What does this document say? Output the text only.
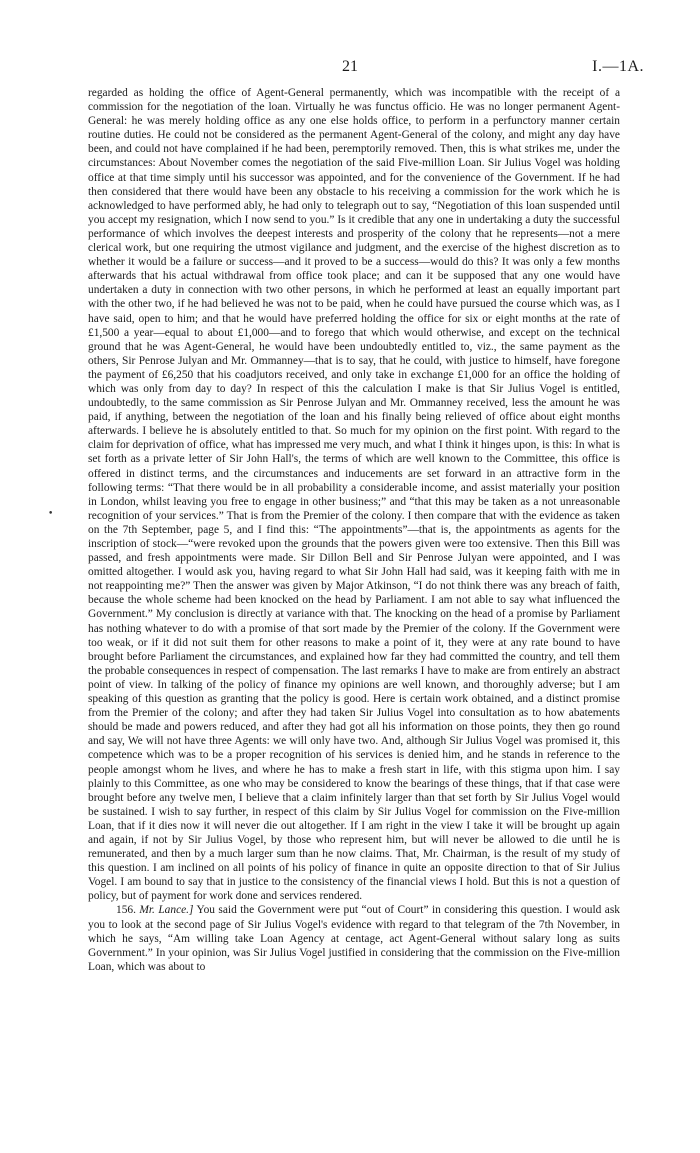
21	I.—1A.
•

regarded as holding the office of Agent-General permanently, which was incompatible with the receipt of a commission for the negotiation of the loan. Virtually he was functus officio. He was no longer permanent Agent-General: he was merely holding office as any one else holds office, to perform in a perfunctory manner certain routine duties. He could not be considered as the permanent Agent-General of the colony, and might any day have been, and could not have complained if he had been, peremptorily removed. Then, this is what strikes me, under the circumstances: About November comes the negotiation of the said Five-million Loan. Sir Julius Vogel was holding office at that time simply until his successor was appointed, and for the convenience of the Government. If he had then considered that there would have been any obstacle to his receiving a commission for the work which he is acknowledged to have performed ably, he had only to telegraph out to say, “Negotiation of this loan suspended until you accept my resignation, which I now send to you.” Is it credible that any one in undertaking a duty the successful performance of which involves the deepest interests and prosperity of the colony that he represents—not a mere clerical work, but one requiring the utmost vigilance and judgment, and the exercise of the highest discretion as to whether it would be a failure or success—and it proved to be a success—would do this? It was only a few months afterwards that his actual withdrawal from office took place; and can it be supposed that any one would have undertaken a duty in connection with two other persons, in which he performed at least an equally important part with the other two, if he had believed he was not to be paid, when he could have pursued the course which was, as I have said, open to him; and that he would have preferred holding the office for six or eight months at the rate of £1,500 a year—equal to about £1,000—and to forego that which would otherwise, and except on the technical ground that he was Agent-General, he would have been undoubtedly entitled to, viz., the same payment as the others, Sir Penrose Julyan and Mr. Ommanney—that is to say, that he could, with justice to himself, have foregone the payment of £6,250 that his coadjutors received, and only take in exchange £1,000 for an office the holding of which was only from day to day? In respect of this the calculation I make is that Sir Julius Vogel is entitled, undoubtedly, to the same commission as Sir Penrose Julyan and Mr. Ommanney received, less the amount he was paid, if anything, between the negotiation of the loan and his finally being relieved of office about eight months afterwards. I believe he is absolutely entitled to that. So much for my opinion on the first point. With regard to the claim for deprivation of office, what has impressed me very much, and what I think it hinges upon, is this: In what is set forth as a private letter of Sir John Hall's, the terms of which are well known to the Committee, this office is offered in distinct terms, and the circumstances and inducements are set forward in an attractive form in the following terms: “That there would be in all probability a considerable income, and assist materially your position in London, whilst leaving you free to engage in other business;” and “that this may be taken as a not unreasonable recognition of your services.” That is from the Premier of the colony. I then compare that with the evidence as taken on the 7th September, page 5, and I find this: “The appointments”—that is, the appointments as agents for the inscription of stock—“were revoked upon the grounds that the powers given were too extensive. Then this Bill was passed, and fresh appointments were made. Sir Dillon Bell and Sir Penrose Julyan were appointed, and I was omitted altogether. I would ask you, having regard to what Sir John Hall had said, was it keeping faith with me in not reappointing me?” Then the answer was given by Major Atkinson, “I do not think there was any breach of faith, because the whole scheme had been knocked on the head by Parliament. I am not able to say what influenced the Government.” My conclusion is directly at variance with that. The knocking on the head of a promise by Parliament has nothing whatever to do with a promise of that sort made by the Premier of the colony. If the Government were too weak, or if it did not suit them for other reasons to make a point of it, they were at any rate bound to have brought before Parliament the circumstances, and explained how far they had committed the country, and tell them the probable consequences in respect of compensation. The last remarks I have to make are from entirely an abstract point of view. In talking of the policy of finance my opinions are well known, and thoroughly adverse; but I am speaking of this question as granting that the policy is good. Here is certain work obtained, and a distinct promise from the Premier of the colony; and after they had taken Sir Julius Vogel into consultation as to how abatements should be made and powers reduced, and after they had got all his information on those points, they then go round and say, We will not have three Agents: we will only have two. And, although Sir Julius Vogel was promised it, this competence which was to be a proper recognition of his services is denied him, and he stands in reference to the people amongst whom he lives, and where he has to make a fresh start in life, with this stigma upon him. I say plainly to this Committee, as one who may be considered to know the bearings of these things, that if that case were brought before any twelve men, I believe that a claim infinitely larger than that set forth by Sir Julius Vogel would be sustained. I wish to say further, in respect of this claim by Sir Julius Vogel for commission on the Five-million Loan, that if it dies now it will never die out altogether. If I am right in the view I take it will be brought up again and again, if not by Sir Julius Vogel, by those who represent him, but will never be allowed to die until he is remunerated, and then by a much larger sum than he now claims. That, Mr. Chairman, is the result of my study of this question. I am inclined on all points of his policy of finance in quite an opposite direction to that of Sir Julius Vogel. I am bound to say that in justice to the consistency of the financial views I hold. But this is not a question of policy, but of payment for work done and services rendered.

156. Mr. Lance.] You said the Government were put “out of Court” in considering this question. I would ask you to look at the second page of Sir Julius Vogel's evidence with regard to that telegram of the 7th November, in which he says, “Am willing take Loan Agency at centage, act Agent-General without salary long as suits Government.” In your opinion, was Sir Julius Vogel justified in considering that the commission on the Five-million Loan, which was about to
